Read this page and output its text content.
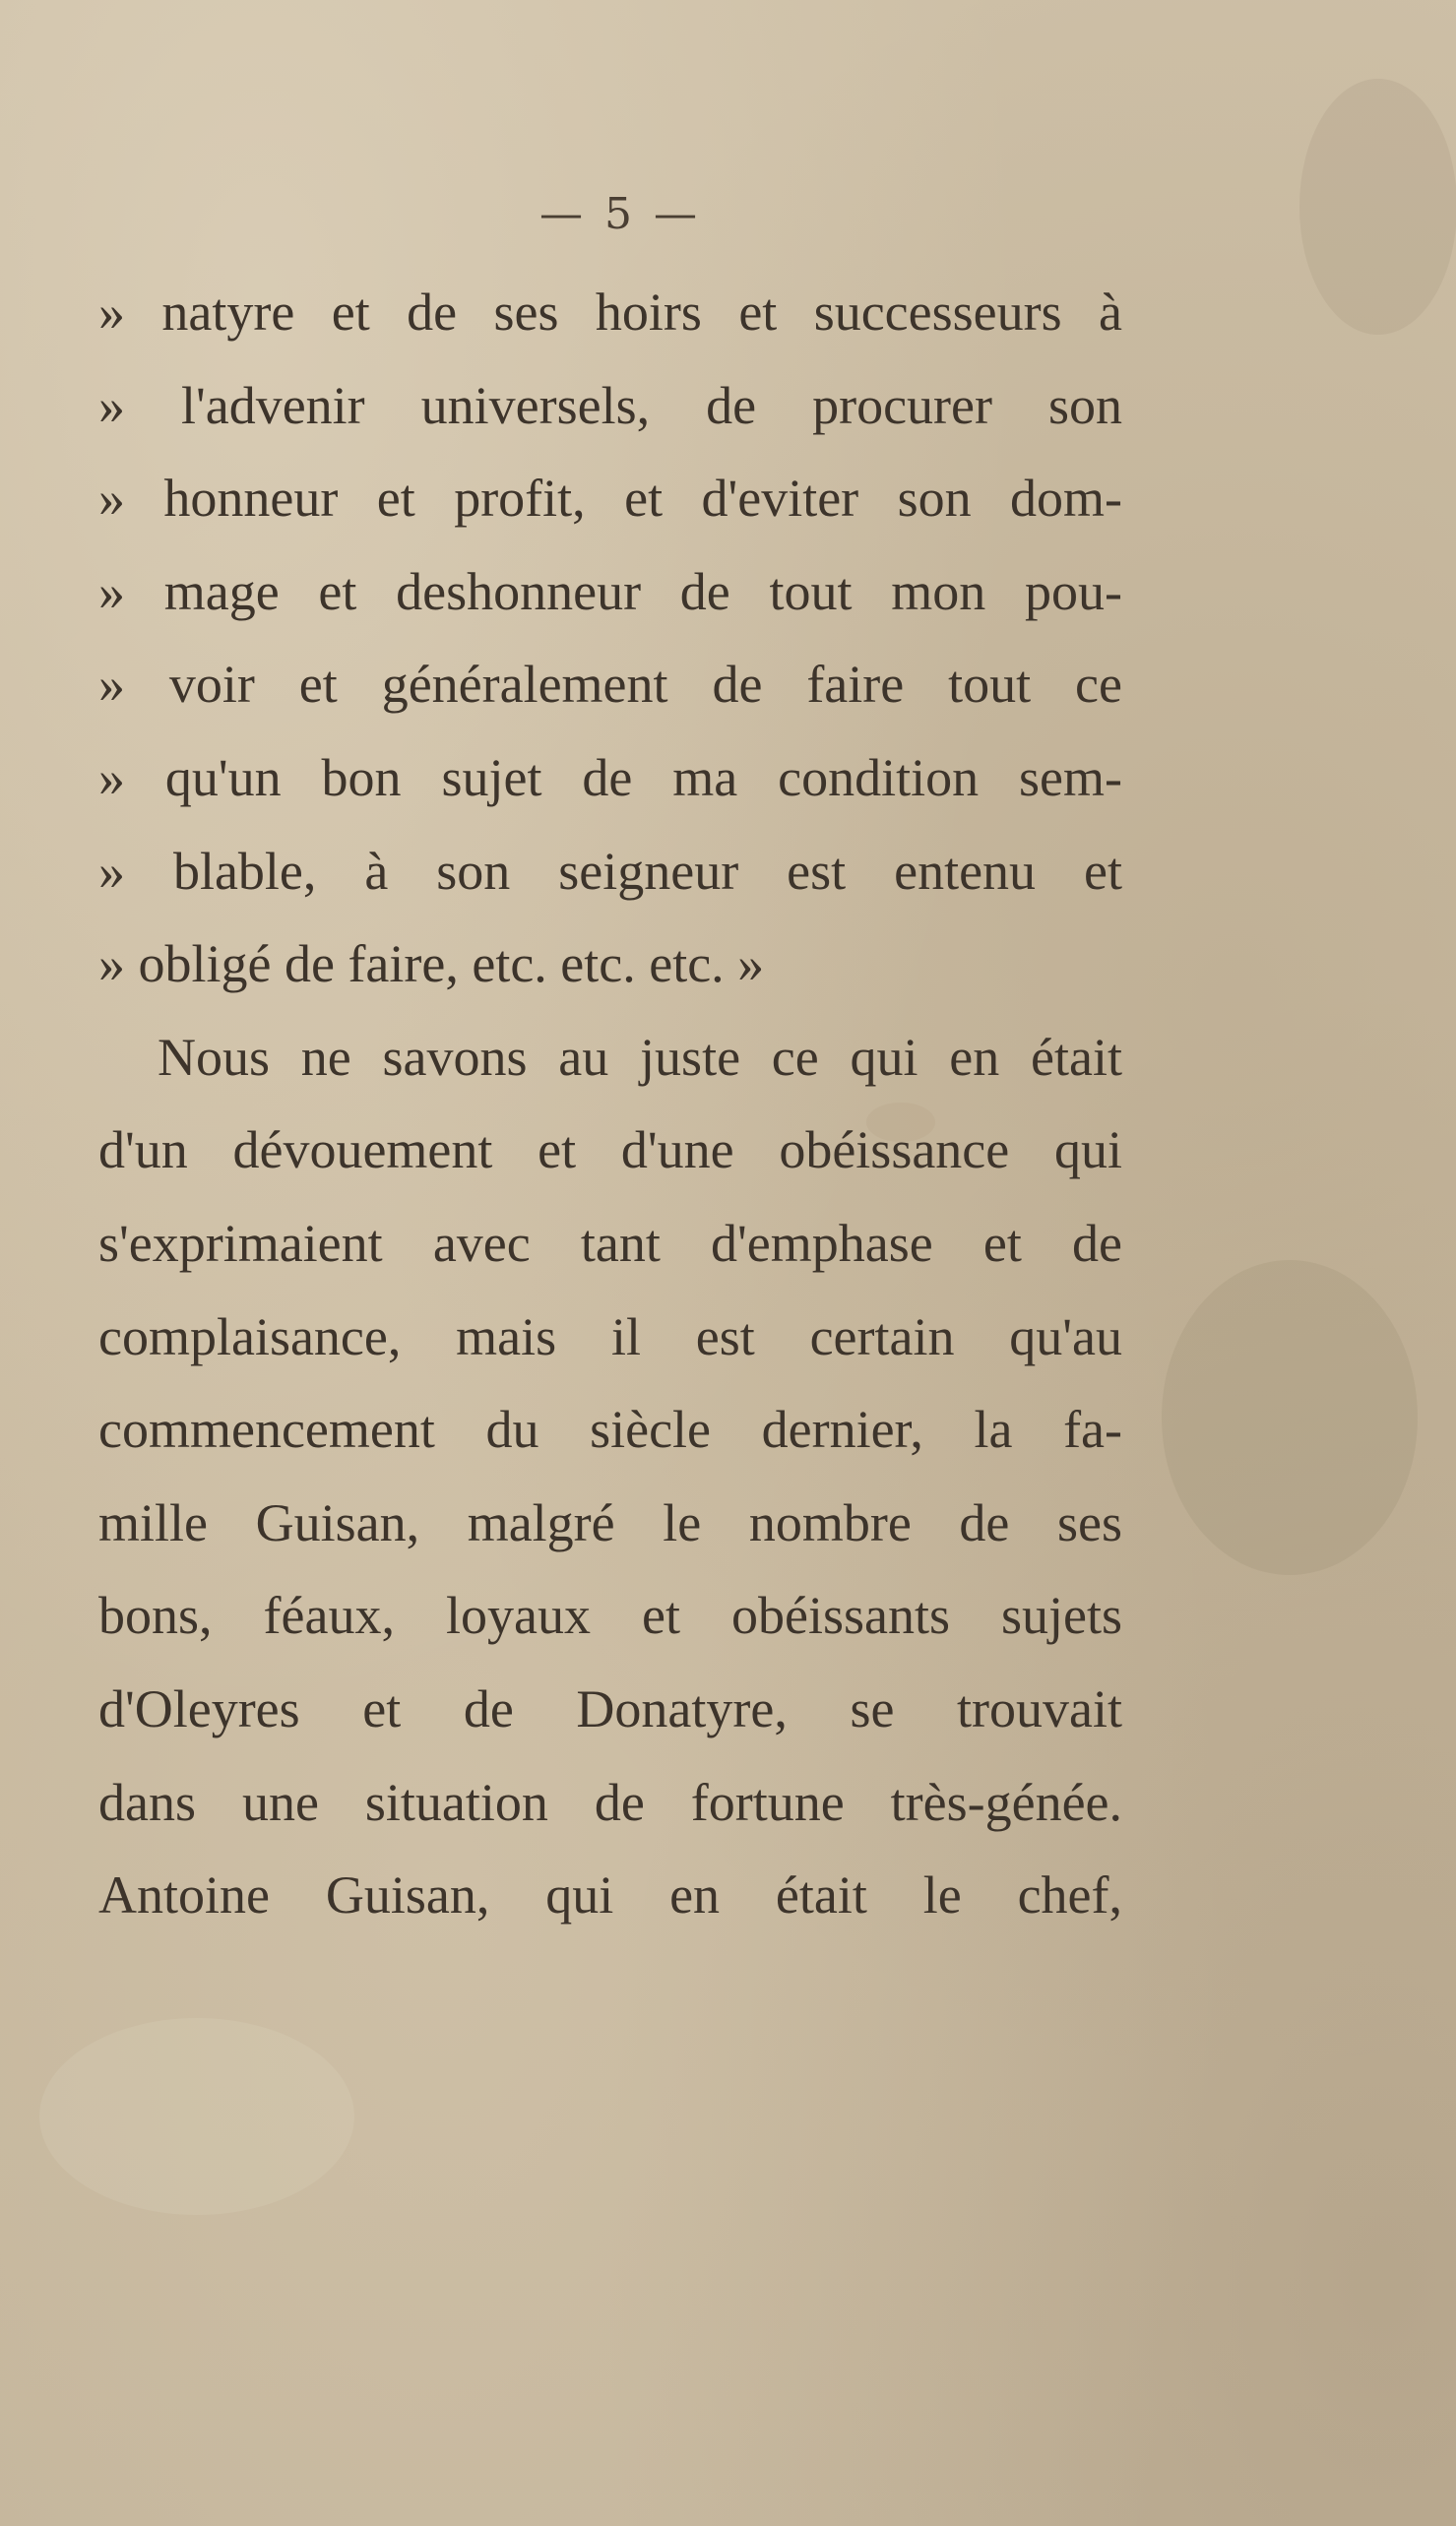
— 5 —
» natyre et de ses hoirs et successeurs à
» l'advenir universels, de procurer son
» honneur et profit, et d'eviter son dom-
» mage et deshonneur de tout mon pou-
» voir et généralement de faire tout ce
» qu'un bon sujet de ma condition sem-
» blable, à son seigneur est entenu et
» obligé de faire, etc. etc. etc. »
Nous ne savons au juste ce qui en était
d'un dévouement et d'une obéissance qui
s'exprimaient avec tant d'emphase et de
complaisance, mais il est certain qu'au
commencement du siècle dernier, la fa-
mille Guisan, malgré le nombre de ses
bons, féaux, loyaux et obéissants sujets
d'Oleyres et de Donatyre, se trouvait
dans une situation de fortune très-génée.
Antoine Guisan, qui en était le chef,
